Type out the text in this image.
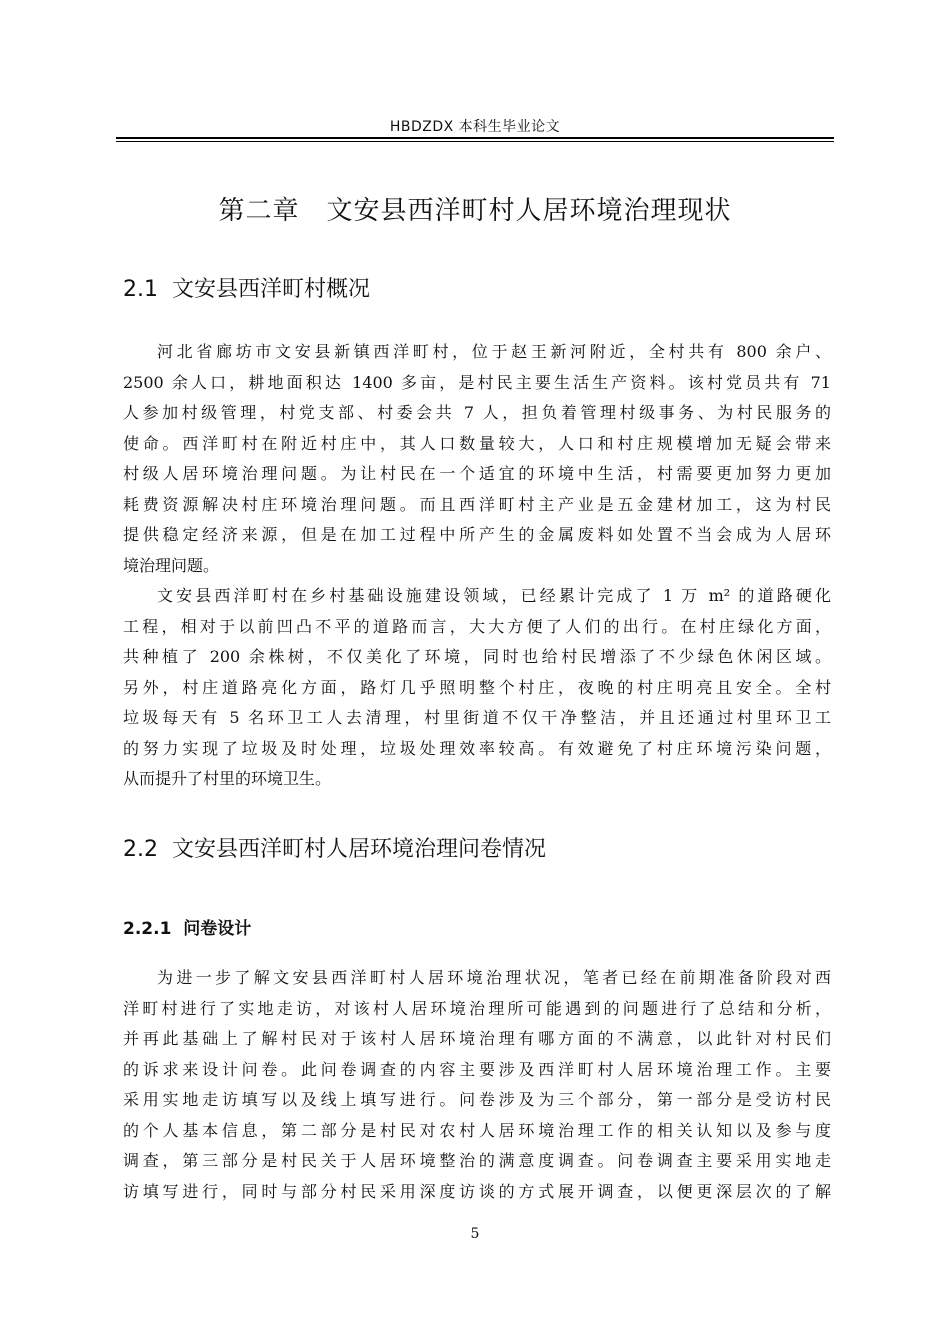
HBDZDX 本科生毕业论文
第二章　文安县西洋町村人居环境治理现状
2.1  文安县西洋町村概况
河北省廊坊市文安县新镇西洋町村，位于赵王新河附近，全村共有 800 余户、
2500 余人口，耕地面积达 1400 多亩，是村民主要生活生产资料。该村党员共有 71
人参加村级管理，村党支部、村委会共 7 人，担负着管理村级事务、为村民服务的
使命。西洋町村在附近村庄中，其人口数量较大，人口和村庄规模增加无疑会带来
村级人居环境治理问题。为让村民在一个适宜的环境中生活，村需要更加努力更加
耗费资源解决村庄环境治理问题。而且西洋町村主产业是五金建材加工，这为村民
提供稳定经济来源，但是在加工过程中所产生的金属废料如处置不当会成为人居环
境治理问题。
文安县西洋町村在乡村基础设施建设领域，已经累计完成了 1 万 m² 的道路硬化
工程，相对于以前凹凸不平的道路而言，大大方便了人们的出行。在村庄绿化方面，
共种植了 200 余株树，不仅美化了环境，同时也给村民增添了不少绿色休闲区域。
另外，村庄道路亮化方面，路灯几乎照明整个村庄，夜晚的村庄明亮且安全。全村
垃圾每天有 5 名环卫工人去清理，村里街道不仅干净整洁，并且还通过村里环卫工
的努力实现了垃圾及时处理，垃圾处理效率较高。有效避免了村庄环境污染问题，
从而提升了村里的环境卫生。
2.2  文安县西洋町村人居环境治理问卷情况
2.2.1  问卷设计
为进一步了解文安县西洋町村人居环境治理状况，笔者已经在前期准备阶段对西
洋町村进行了实地走访，对该村人居环境治理所可能遇到的问题进行了总结和分析，
并再此基础上了解村民对于该村人居环境治理有哪方面的不满意，以此针对村民们
的诉求来设计问卷。此问卷调查的内容主要涉及西洋町村人居环境治理工作。主要
采用实地走访填写以及线上填写进行。问卷涉及为三个部分，第一部分是受访村民
的个人基本信息，第二部分是村民对农村人居环境治理工作的相关认知以及参与度
调查，第三部分是村民关于人居环境整治的满意度调查。问卷调查主要采用实地走
访填写进行，同时与部分村民采用深度访谈的方式展开调查，以便更深层次的了解
5
